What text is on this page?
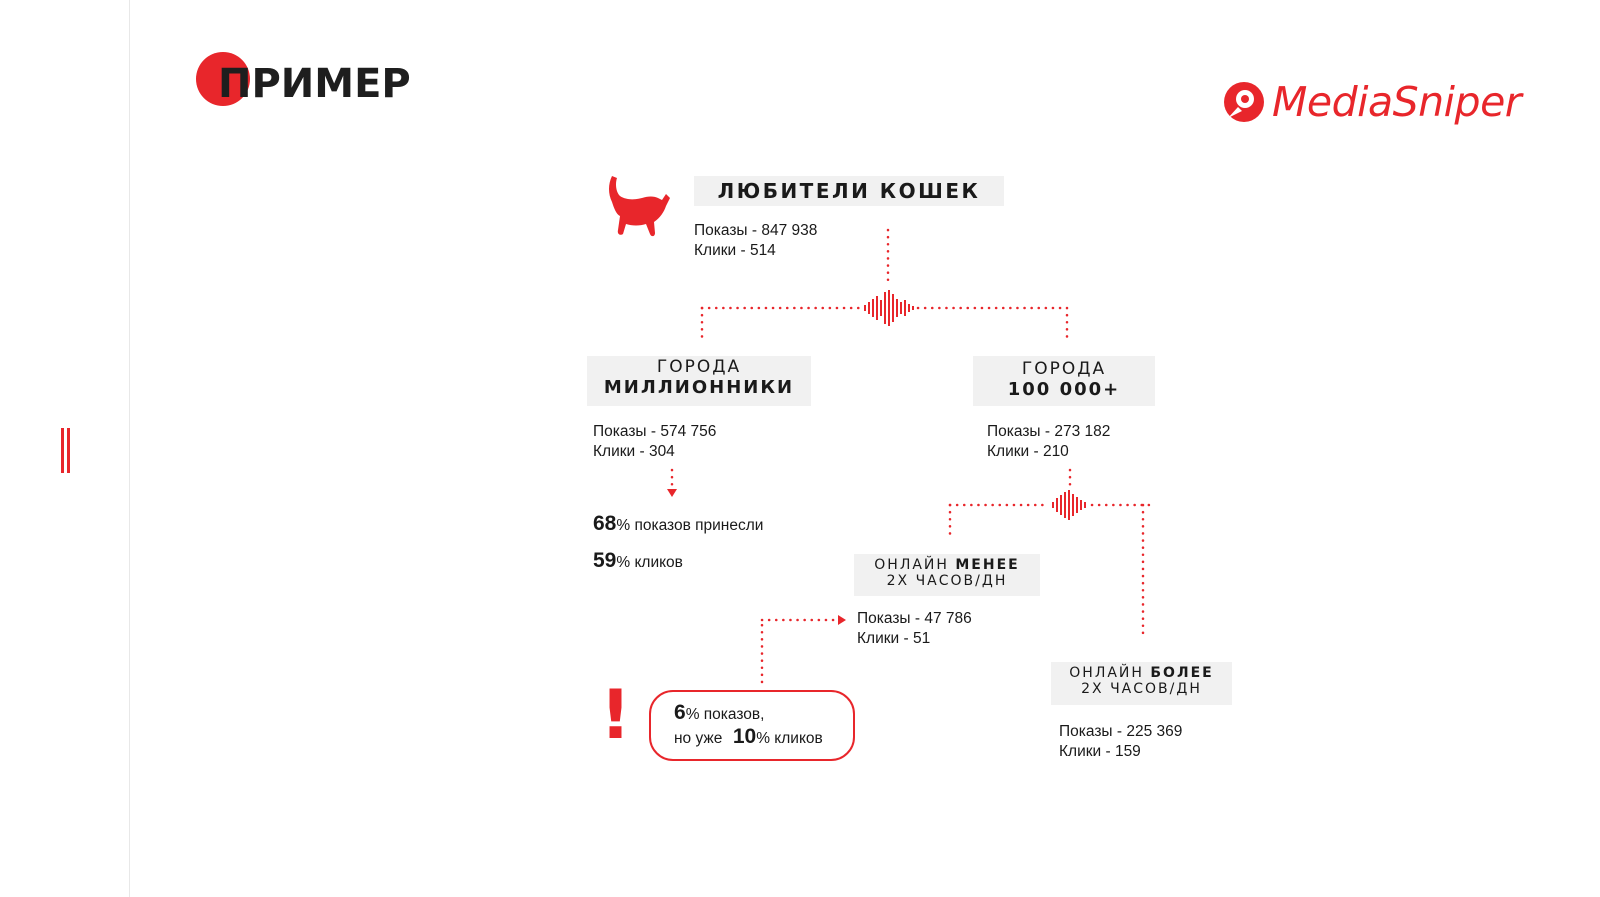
ПРИМЕР	MediaSniper
ЛЮБИТЕЛИ КОШЕК
Показы - 847 938
Клики - 514
ГОРОДА
МИЛЛИОННИКИ
Показы - 574 756
Клики - 304
68% показов принесли
59% кликов
ГОРОДА
100 000+
Показы - 273 182
Клики - 210
ОНЛАЙН МЕНЕЕ
2Х ЧАСОВ/ДН
Показы - 47 786
Клики - 51
ОНЛАЙН БОЛЕЕ
2Х ЧАСОВ/ДН
Показы - 225 369
Клики - 159
! 6% показов,
но уже 10% кликов
